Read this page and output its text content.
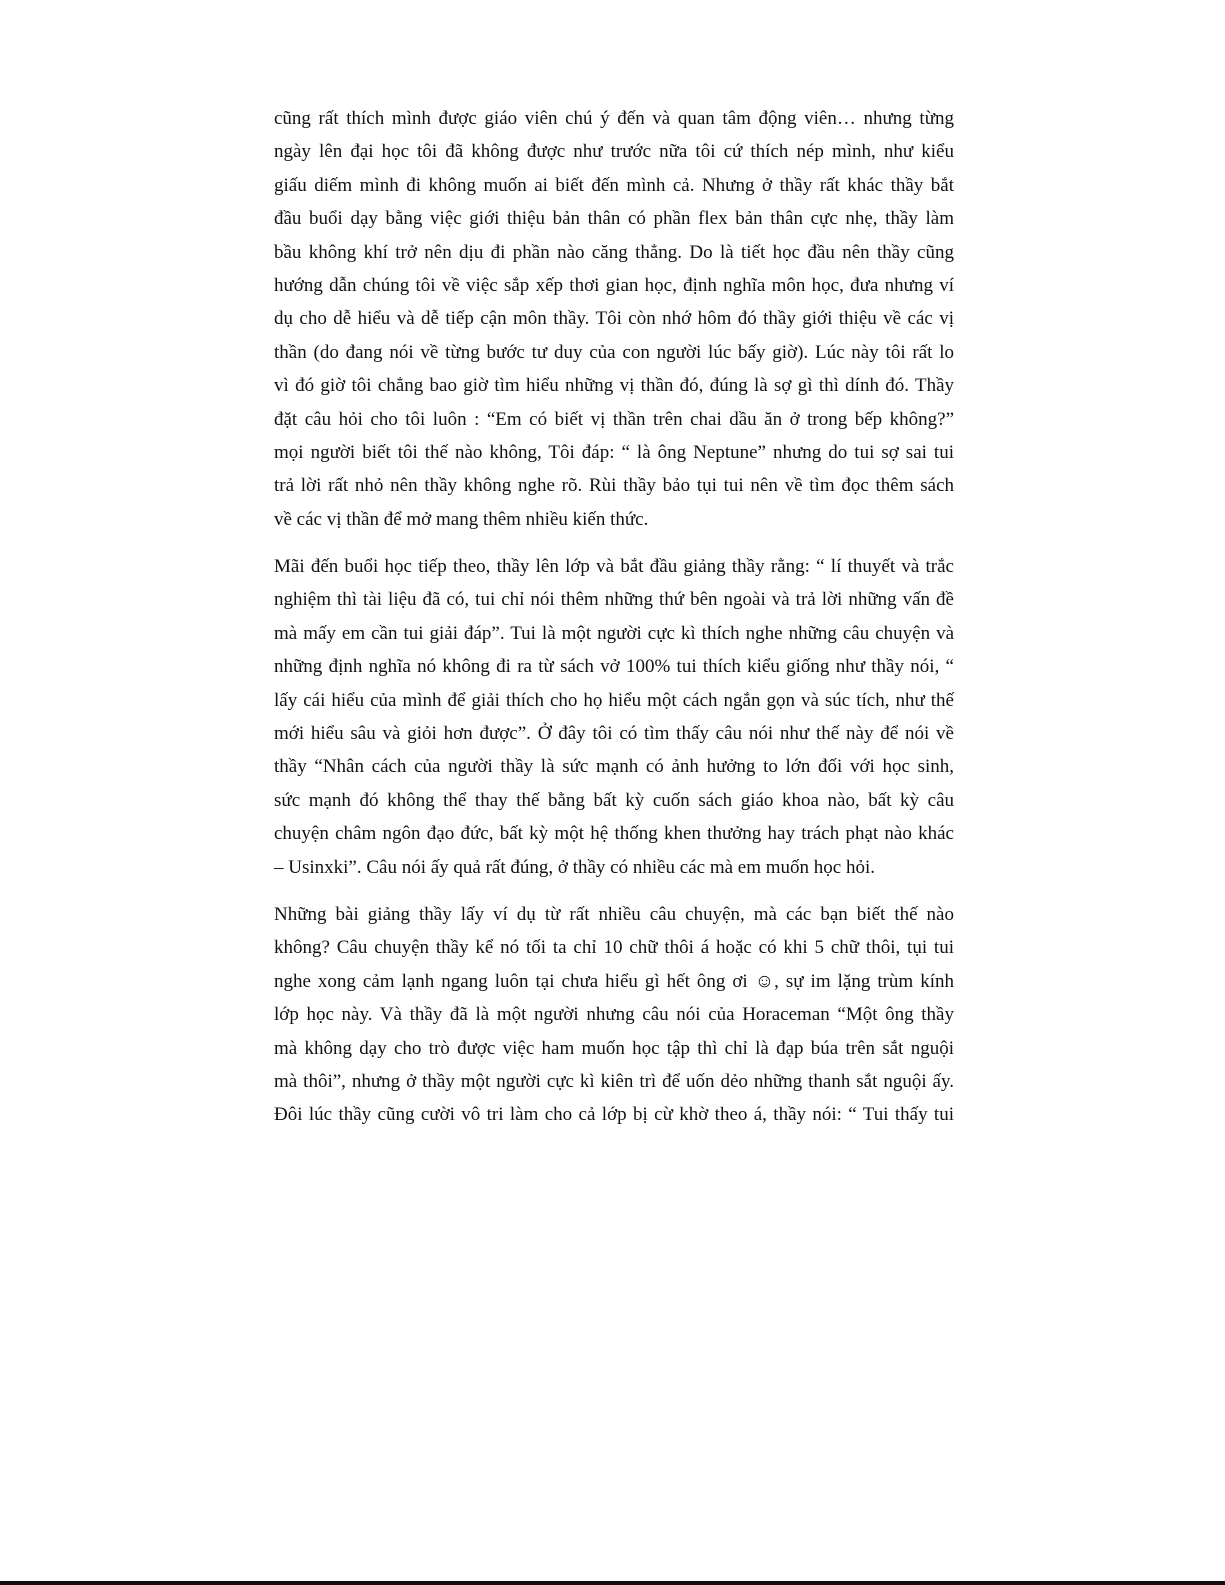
cũng rất thích mình được giáo viên chú ý đến và quan tâm động viên… nhưng từng
ngày lên đại học tôi đã không được như trước nữa tôi cứ thích nép mình, như kiểu
giấu diếm mình đi không muốn ai biết đến mình cả. Nhưng ở thầy rất khác thầy bắt
đầu buổi dạy bằng việc giới thiệu bản thân có phần flex bản thân cực nhẹ, thầy làm
bầu không khí trở nên dịu đi phần nào căng thẳng. Do là tiết học đầu nên thầy cũng
hướng dẫn chúng tôi về việc sắp xếp thơi gian học, định nghĩa môn học, đưa nhưng ví
dụ cho dễ hiểu và dễ tiếp cận môn thầy. Tôi còn nhớ hôm đó thầy giới thiệu về các vị
thần (do đang nói về từng bước tư duy của con người lúc bấy giờ). Lúc này tôi rất lo
vì đó giờ tôi chẳng bao giờ tìm hiểu những vị thần đó, đúng là sợ gì thì dính đó. Thầy
đặt câu hỏi cho tôi luôn : “Em có biết vị thần trên chai dầu ăn ở trong bếp không?”
mọi người biết tôi thế nào không, Tôi đáp: “ là ông Neptune” nhưng do tui sợ sai tui
trả lời rất nhỏ nên thầy không nghe rõ. Rùi thầy bảo tụi tui nên về tìm đọc thêm sách
về các vị thần để mở mang thêm nhiều kiến thức.
Mãi đến buổi học tiếp theo, thầy lên lớp và bắt đầu giảng thầy rằng: “ lí thuyết và trắc
nghiệm thì tài liệu đã có, tui chỉ nói thêm những thứ bên ngoài và trả lời những vấn đề
mà mấy em cần tui giải đáp”. Tui là một người cực kì thích nghe những câu chuyện và
những định nghĩa nó không đi ra từ sách vở 100% tui thích kiểu giống như thầy nói, “
lấy cái hiểu của mình để giải thích cho họ hiểu một cách ngắn gọn và súc tích, như thế
mới hiểu sâu và giỏi hơn được”. Ở đây tôi có tìm thấy câu nói như thế này để nói về
thầy “Nhân cách của người thầy là sức mạnh có ảnh hưởng to lớn đối với học sinh,
sức mạnh đó không thể thay thế bằng bất kỳ cuốn sách giáo khoa nào, bất kỳ câu
chuyện châm ngôn đạo đức, bất kỳ một hệ thống khen thưởng hay trách phạt nào khác
– Usinxki”. Câu nói ấy quả rất đúng, ở thầy có nhiều các mà em muốn học hỏi.
Những bài giảng thầy lấy ví dụ từ rất nhiều câu chuyện, mà các bạn biết thế nào
không? Câu chuyện thầy kể nó tối ta chỉ 10 chữ thôi á hoặc có khi 5 chữ thôi, tụi tui
nghe xong cảm lạnh ngang luôn tại chưa hiểu gì hết ông ơi ☺, sự im lặng trùm kính
lớp học này. Và thầy đã là một người nhưng câu nói của Horaceman “Một ông thầy
mà không dạy cho trò được việc ham muốn học tập thì chỉ là đạp búa trên sắt nguội
mà thôi”, nhưng ở thầy một người cực kì kiên trì để uốn dẻo những thanh sắt nguội ấy.
Đôi lúc thầy cũng cười vô tri làm cho cả lớp bị cừ khờ theo á, thầy nói: “ Tui thấy tui
